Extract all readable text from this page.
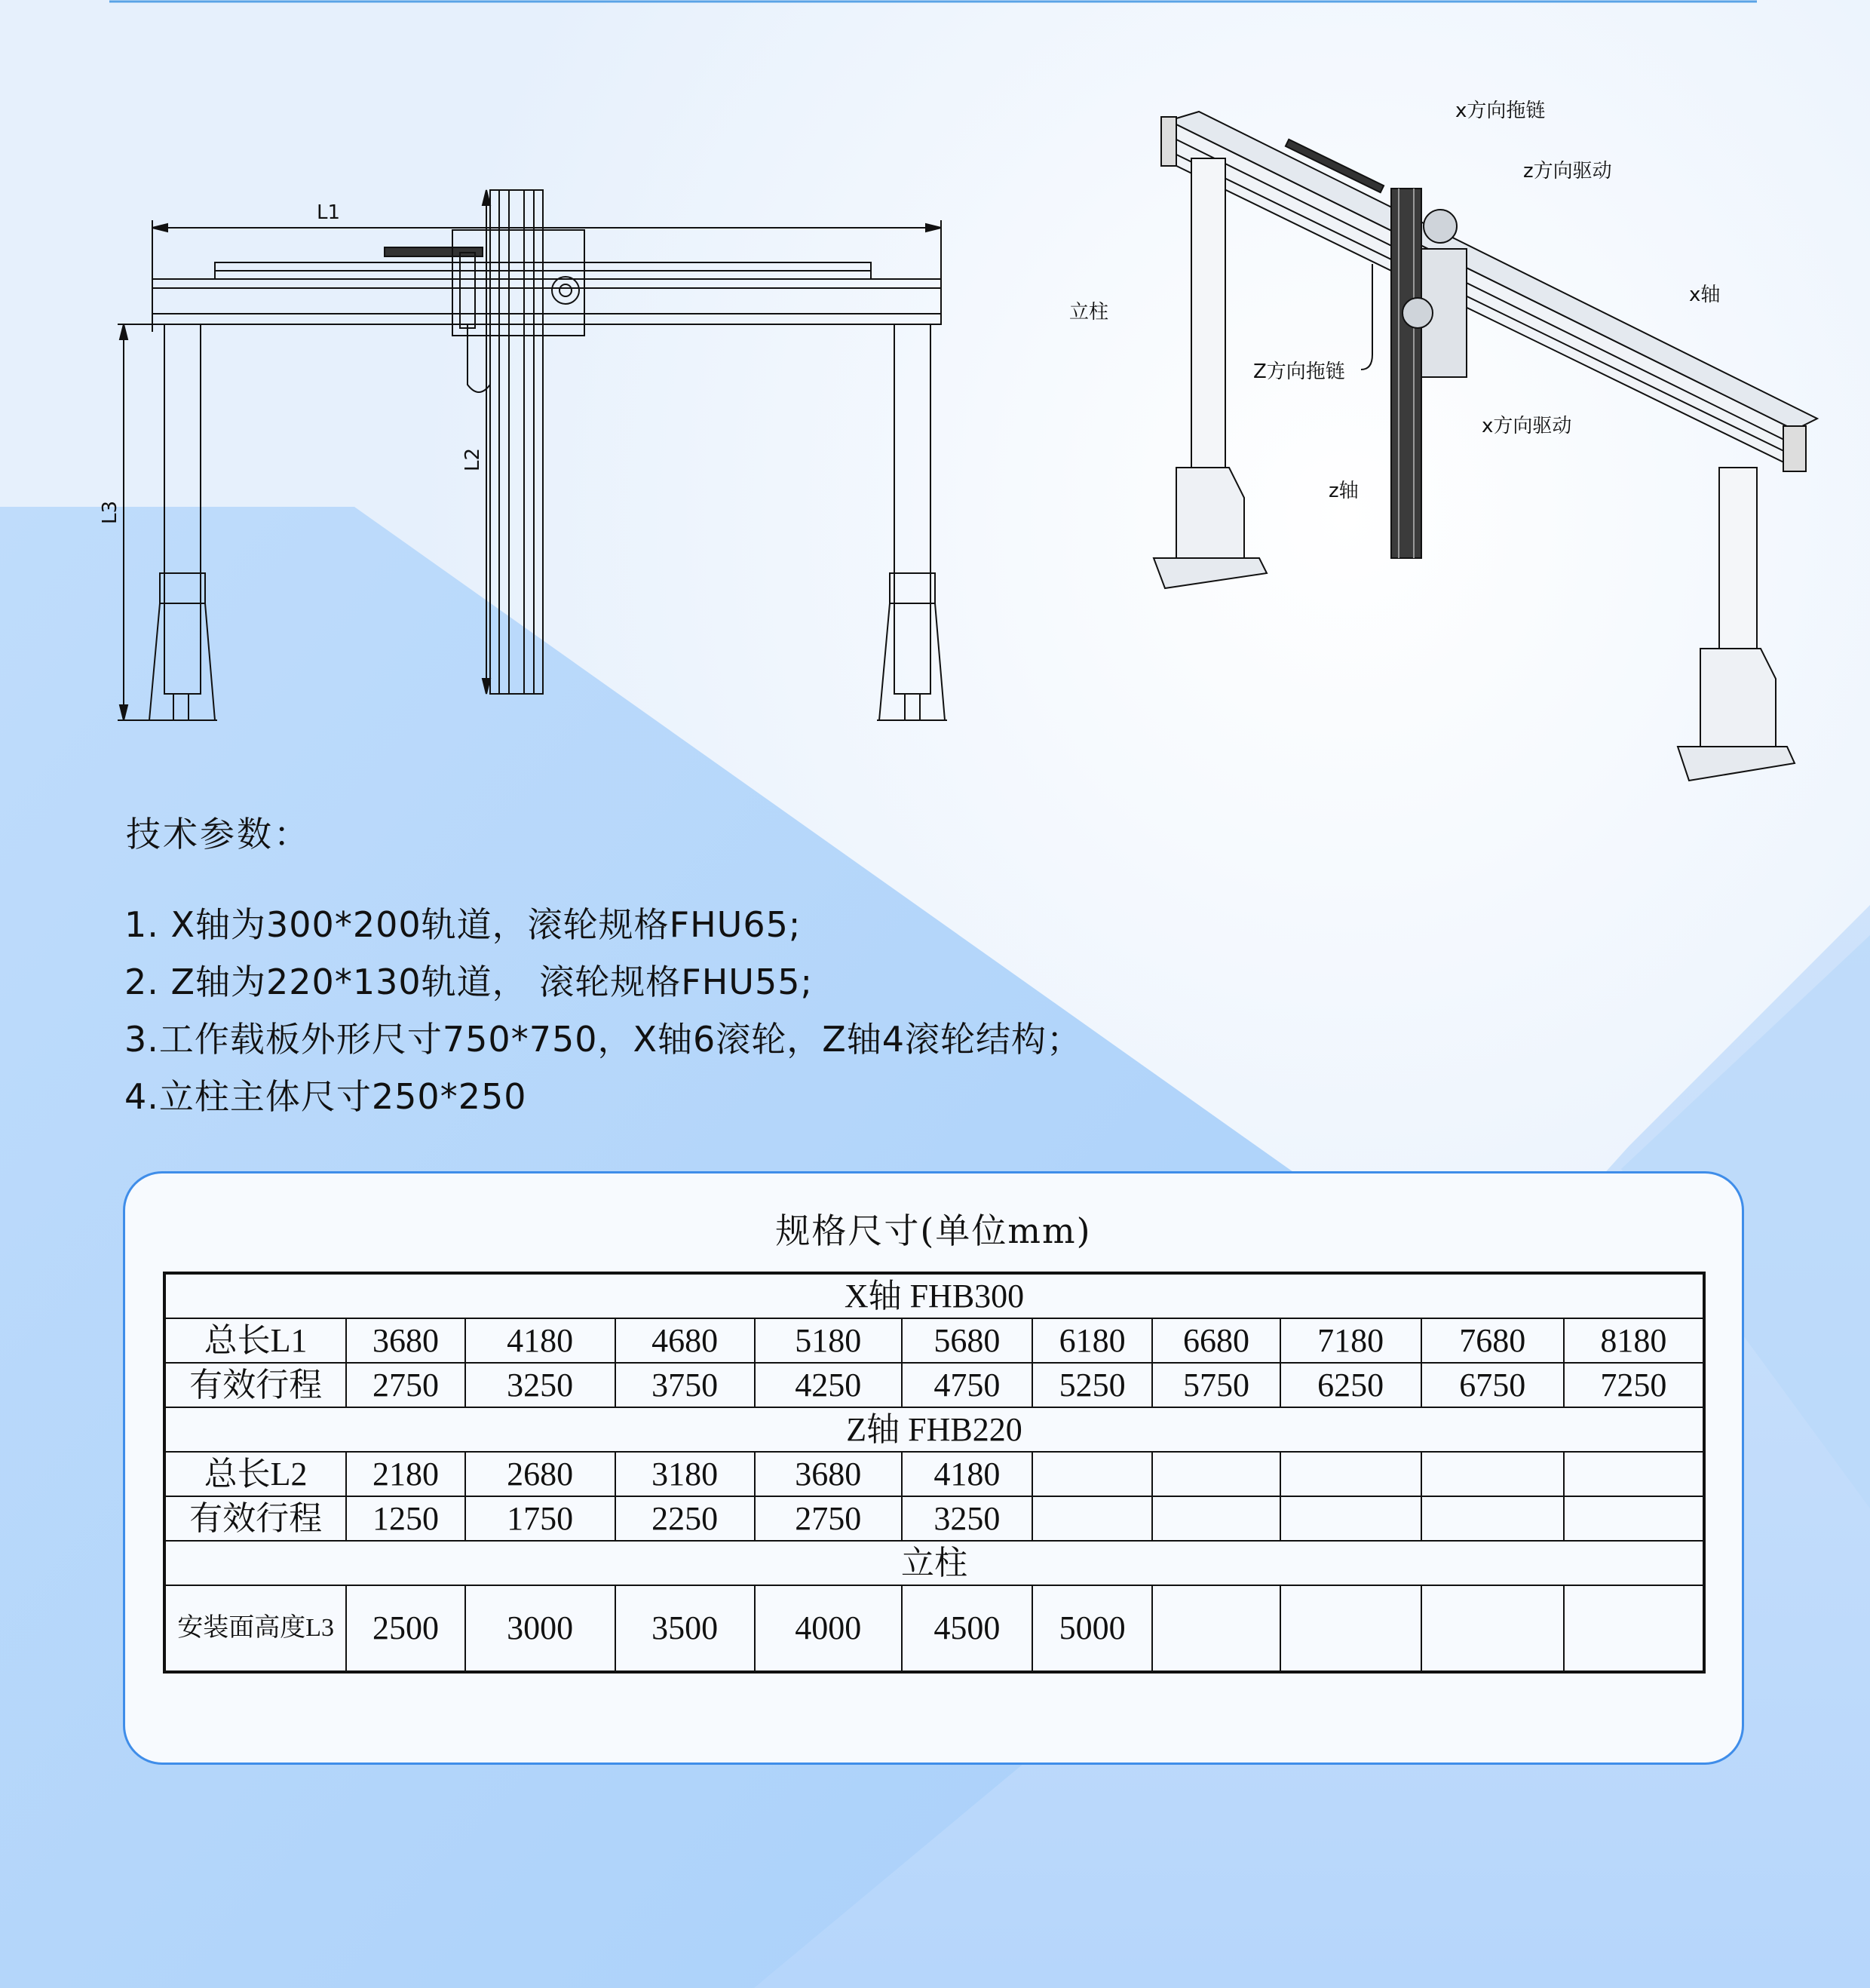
L1
L2
L3
x方向拖链
z方向驱动
立柱
x轴
Z方向拖链
x方向驱动
z轴
技术参数：
1. X轴为300*200轨道，滚轮规格FHU65;
2. Z轴为220*130轨道， 滚轮规格FHU55;
3.工作载板外形尺寸750*750，X轴6滚轮，Z轴4滚轮结构；
4.立柱主体尺寸250*250
规格尺寸(单位mm)
X轴 FHB300										
总长L1	3680	4180	4680	5180	5680	6180	6680	7180	7680	8180
有效行程	2750	3250	3750	4250	4750	5250	5750	6250	6750	7250
Z轴 FHB220										
总长L2	2180	2680	3180	3680	4180					
有效行程	1250	1750	2250	2750	3250					
立柱										
安装面高度L3	2500	3000	3500	4000	4500	5000				
